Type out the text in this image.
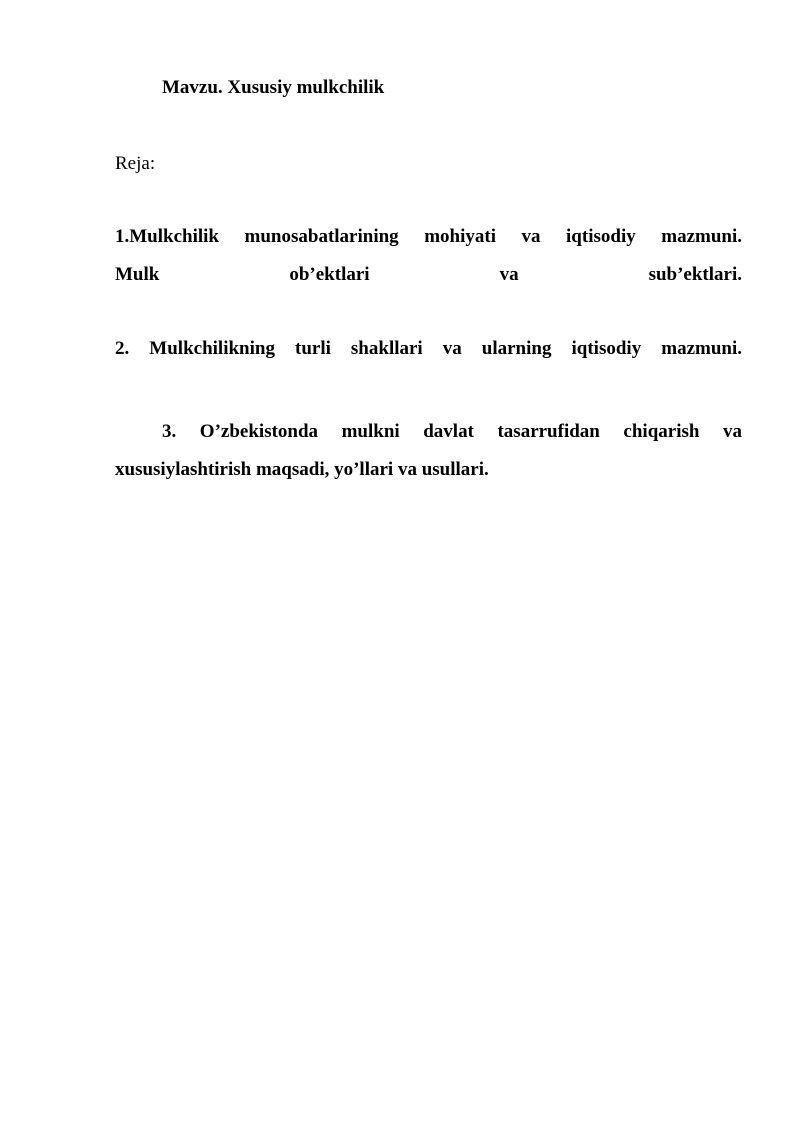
Mavzu. Xususiy mulkchilik

Reja:

1.Mulkchilik munosabatlarining mohiyati va iqtisodiy mazmuni.
Mulk ob’ektlari va sub’ektlari.
2. Mulkchilikning turli shakllari va ularning iqtisodiy mazmuni.
3. O’zbekistonda mulkni davlat tasarrufidan chiqarish va
xususiylashtirish maqsadi, yo’llari va usullari.
